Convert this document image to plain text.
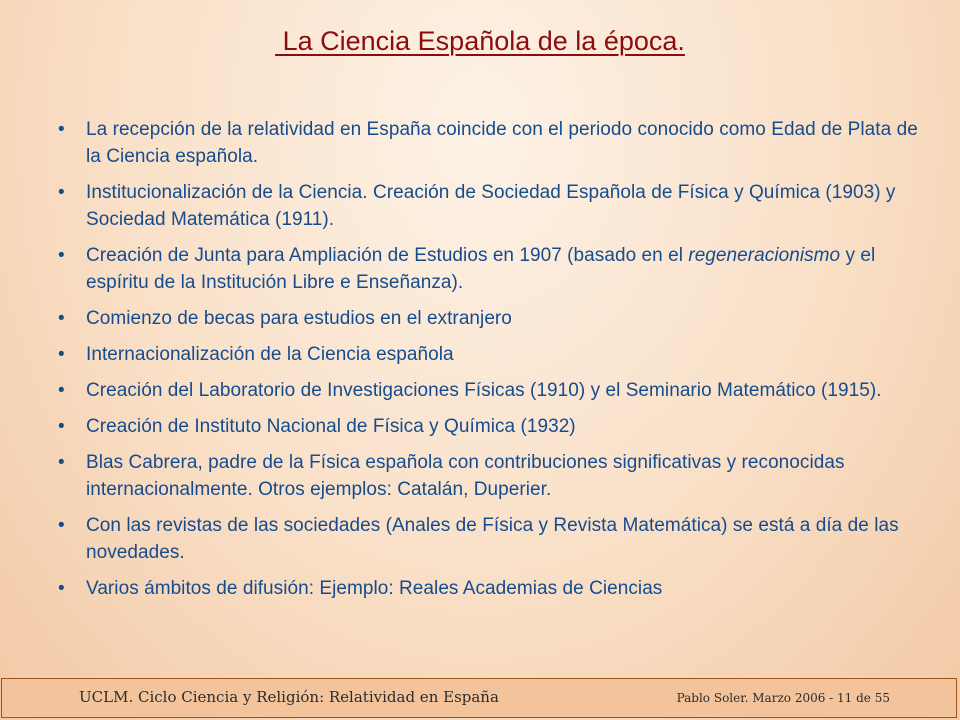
La Ciencia Española de la época.
• La recepción de la relatividad en España coincide con el periodo conocido como Edad de Plata de la Ciencia española.
• Institucionalización de la Ciencia. Creación de Sociedad Española de Física y Química (1903) y Sociedad Matemática (1911).
• Creación de Junta para Ampliación de Estudios en 1907 (basado en el regeneracionismo y el espíritu de la Institución Libre e Enseñanza).
• Comienzo de becas para estudios en el extranjero
• Internacionalización de la Ciencia española
• Creación del Laboratorio de Investigaciones Físicas (1910) y el Seminario Matemático (1915).
• Creación de Instituto Nacional de Física y Química (1932)
• Blas Cabrera, padre de la Física española con contribuciones significativas y reconocidas internacionalmente. Otros ejemplos: Catalán, Duperier.
• Con las revistas de las sociedades (Anales de Física y Revista Matemática) se está a día de las novedades.
• Varios ámbitos de difusión: Ejemplo: Reales Academias de Ciencias
UCLM. Ciclo Ciencia y Religión: Relatividad en España	Pablo Soler. Marzo 2006 - 11 de 55
